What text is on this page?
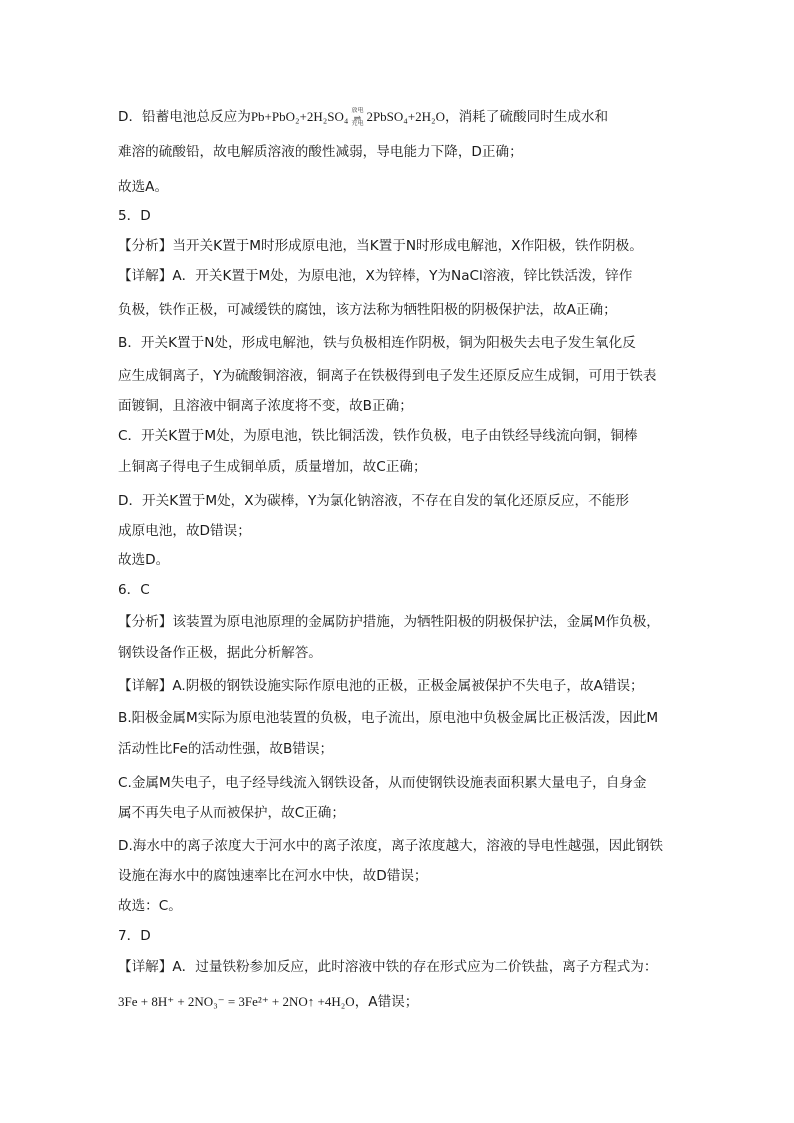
D．铅蓄电池总反应为Pb+PbO₂+2H₂SO₄ 放电
⇌
充电
2PbSO₄+2H₂O，消耗了硫酸同时生成水和
难溶的硫酸铅，故电解质溶液的酸性减弱，导电能力下降，D正确；
故选A。
5．D
【分析】当开关K置于M时形成原电池，当K置于N时形成电解池，X作阳极，铁作阴极。
【详解】A．开关K置于M处，为原电池，X为锌棒，Y为NaCl溶液，锌比铁活泼，锌作
负极，铁作正极，可减缓铁的腐蚀，该方法称为牺牲阳极的阴极保护法，故A正确；
B．开关K置于N处，形成电解池，铁与负极相连作阴极，铜为阳极失去电子发生氧化反
应生成铜离子，Y为硫酸铜溶液，铜离子在铁极得到电子发生还原反应生成铜，可用于铁表
面镀铜，且溶液中铜离子浓度将不变，故B正确；
C．开关K置于M处，为原电池，铁比铜活泼，铁作负极，电子由铁经导线流向铜，铜棒
上铜离子得电子生成铜单质，质量增加，故C正确；
D．开关K置于M处，X为碳棒，Y为氯化钠溶液，不存在自发的氧化还原反应，不能形
成原电池，故D错误；
故选D。
6．C
【分析】该装置为原电池原理的金属防护措施，为牺牲阳极的阴极保护法，金属M作负极，
钢铁设备作正极，据此分析解答。
【详解】A.阴极的钢铁设施实际作原电池的正极，正极金属被保护不失电子，故A错误；
B.阳极金属M实际为原电池装置的负极，电子流出，原电池中负极金属比正极活泼，因此M
活动性比Fe的活动性强，故B错误；
C.金属M失电子，电子经导线流入钢铁设备，从而使钢铁设施表面积累大量电子，自身金
属不再失电子从而被保护，故C正确；
D.海水中的离子浓度大于河水中的离子浓度，离子浓度越大，溶液的导电性越强，因此钢铁
设施在海水中的腐蚀速率比在河水中快，故D错误；
故选：C。
7．D
【详解】A．过量铁粉参加反应，此时溶液中铁的存在形式应为二价铁盐，离子方程式为：
3Fe + 8H⁺ + 2NO₃⁻ = 3Fe²⁺ + 2NO↑ +4H₂O，A错误；
